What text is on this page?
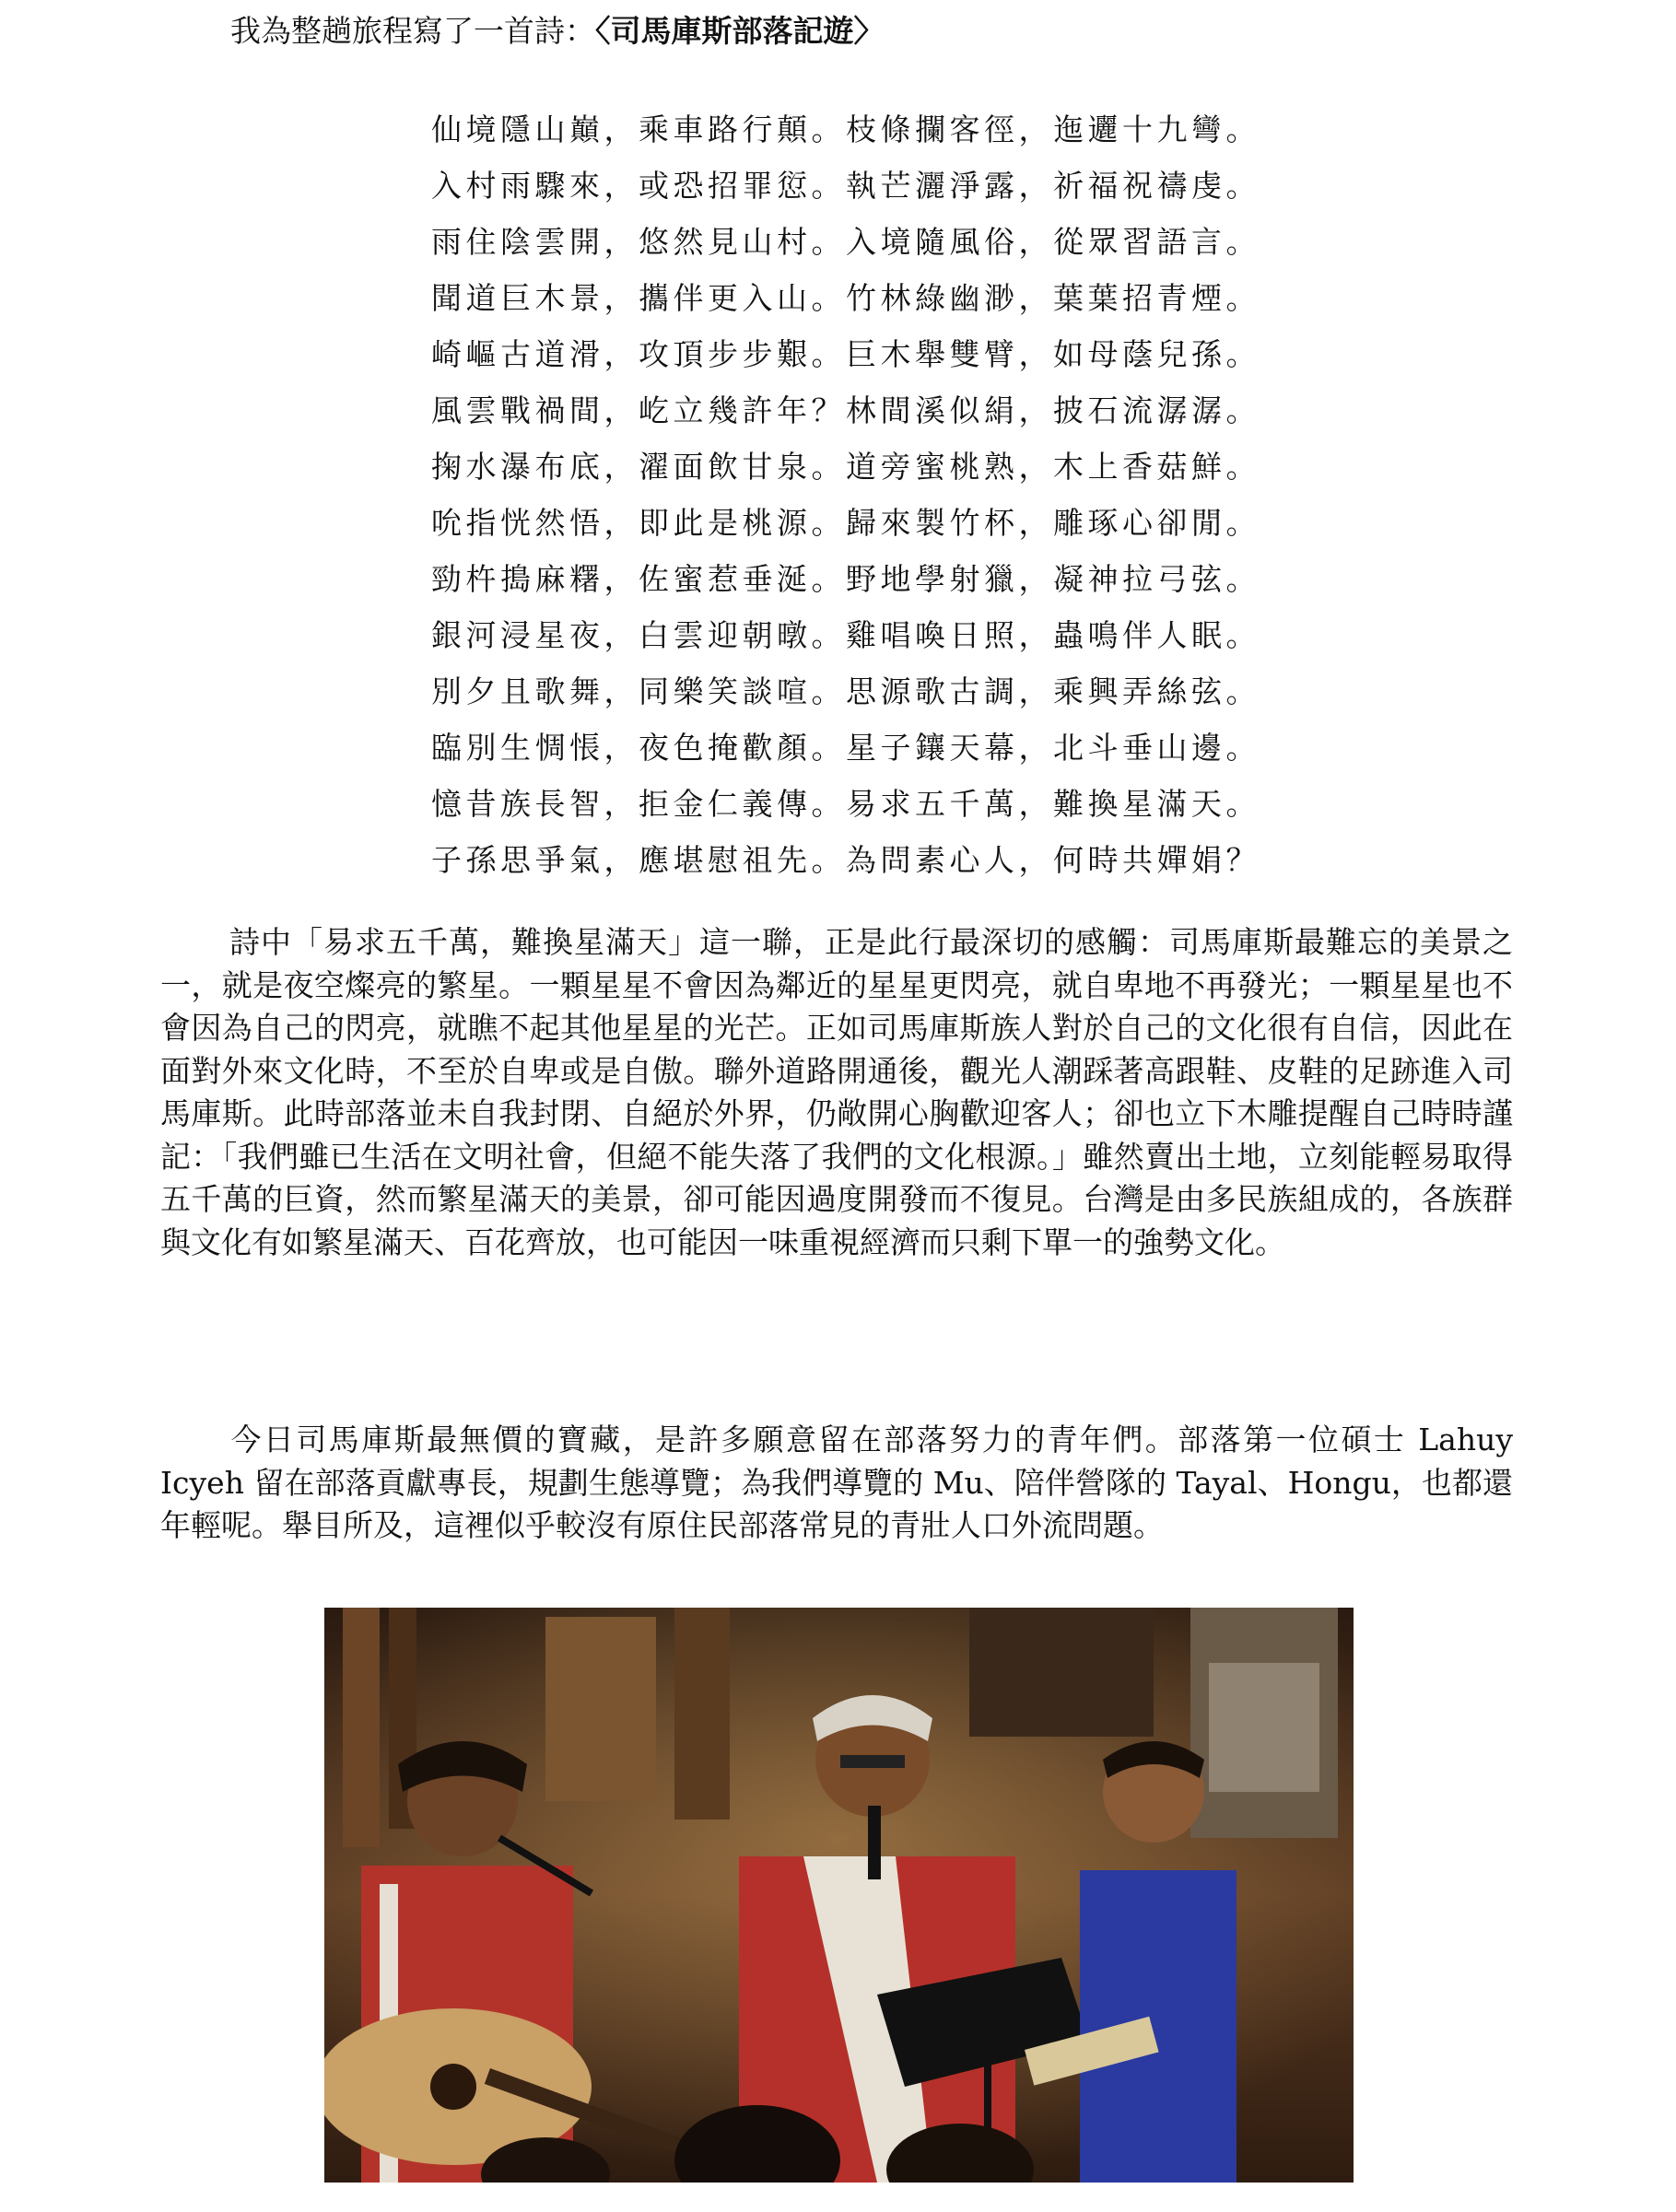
我為整趟旅程寫了一首詩：〈司馬庫斯部落記遊〉
仙境隱山巔，乘車路行顛。枝條攔客徑，迤邐十九彎。
入村雨驟來，或恐招罪愆。執芒灑淨露，祈福祝禱虔。
雨住陰雲開，悠然見山村。入境隨風俗，從眾習語言。
聞道巨木景，攜伴更入山。竹林綠幽渺，葉葉招青煙。
崎嶇古道滑，攻頂步步艱。巨木舉雙臂，如母蔭兒孫。
風雲戰禍間，屹立幾許年？林間溪似絹，披石流潺潺。
掬水瀑布底，濯面飲甘泉。道旁蜜桃熟，木上香菇鮮。
吮指恍然悟，即此是桃源。歸來製竹杯，雕琢心卻閒。
勁杵搗麻糬，佐蜜惹垂涎。野地學射獵，凝神拉弓弦。
銀河浸星夜，白雲迎朝暾。雞唱喚日照，蟲鳴伴人眠。
別夕且歌舞，同樂笑談喧。思源歌古調，乘興弄絲弦。
臨別生惆悵，夜色掩歡顏。星子鑲天幕，北斗垂山邊。
憶昔族長智，拒金仁義傳。易求五千萬，難換星滿天。
子孫思爭氣，應堪慰祖先。為問素心人，何時共嬋娟？

詩中「易求五千萬，難換星滿天」這一聯，正是此行最深切的感觸：司馬庫斯最難忘的美景之一，就是夜空燦亮的繁星。一顆星星不會因為鄰近的星星更閃亮，就自卑地不再發光；一顆星星也不會因為自己的閃亮，就瞧不起其他星星的光芒。正如司馬庫斯族人對於自己的文化很有自信，因此在面對外來文化時，不至於自卑或是自傲。聯外道路開通後，觀光人潮踩著高跟鞋、皮鞋的足跡進入司馬庫斯。此時部落並未自我封閉、自絕於外界，仍敞開心胸歡迎客人；卻也立下木雕提醒自己時時謹記：「我們雖已生活在文明社會，但絕不能失落了我們的文化根源。」雖然賣出土地，立刻能輕易取得五千萬的巨資，然而繁星滿天的美景，卻可能因過度開發而不復見。台灣是由多民族組成的，各族群與文化有如繁星滿天、百花齊放，也可能因一味重視經濟而只剩下單一的強勢文化。

今日司馬庫斯最無價的寶藏，是許多願意留在部落努力的青年們。部落第一位碩士 Lahuy Icyeh 留在部落貢獻專長，規劃生態導覽；為我們導覽的 Mu、陪伴營隊的 Tayal、Hongu，也都還年輕呢。舉目所及，這裡似乎較沒有原住民部落常見的青壯人口外流問題。
